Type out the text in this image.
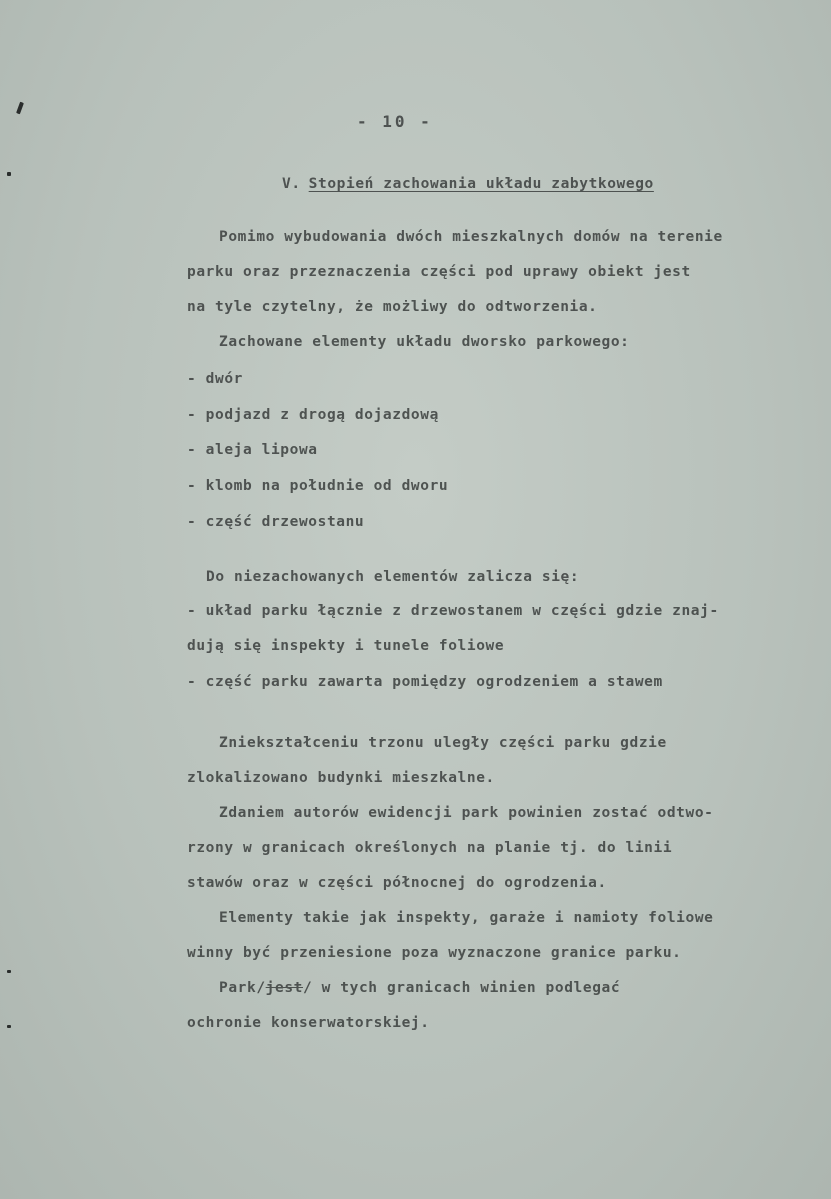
- 10 -
V. Stopień zachowania układu zabytkowego
Pomimo wybudowania dwóch mieszkalnych domów na terenie
parku oraz przeznaczenia części pod uprawy obiekt jest
na tyle czytelny, że możliwy do odtworzenia.
Zachowane elementy układu dworsko parkowego:
- dwór
- podjazd z drogą dojazdową
- aleja lipowa
- klomb na południe od dworu
- część drzewostanu
Do niezachowanych elementów zalicza się:
- układ parku łącznie z drzewostanem w części gdzie znaj-
dują się inspekty i tunele foliowe
- część parku zawarta pomiędzy ogrodzeniem a stawem
Zniekształceniu trzonu uległy części parku gdzie
zlokalizowano budynki mieszkalne.
Zdaniem autorów ewidencji park powinien zostać odtwo-
rzony w granicach określonych na planie tj. do linii
stawów oraz w części północnej do ogrodzenia.
Elementy takie jak inspekty, garaże i namioty foliowe
winny być przeniesione poza wyznaczone granice parku.
Park/jest/ w tych granicach winien podlegać
ochronie konserwatorskiej.
